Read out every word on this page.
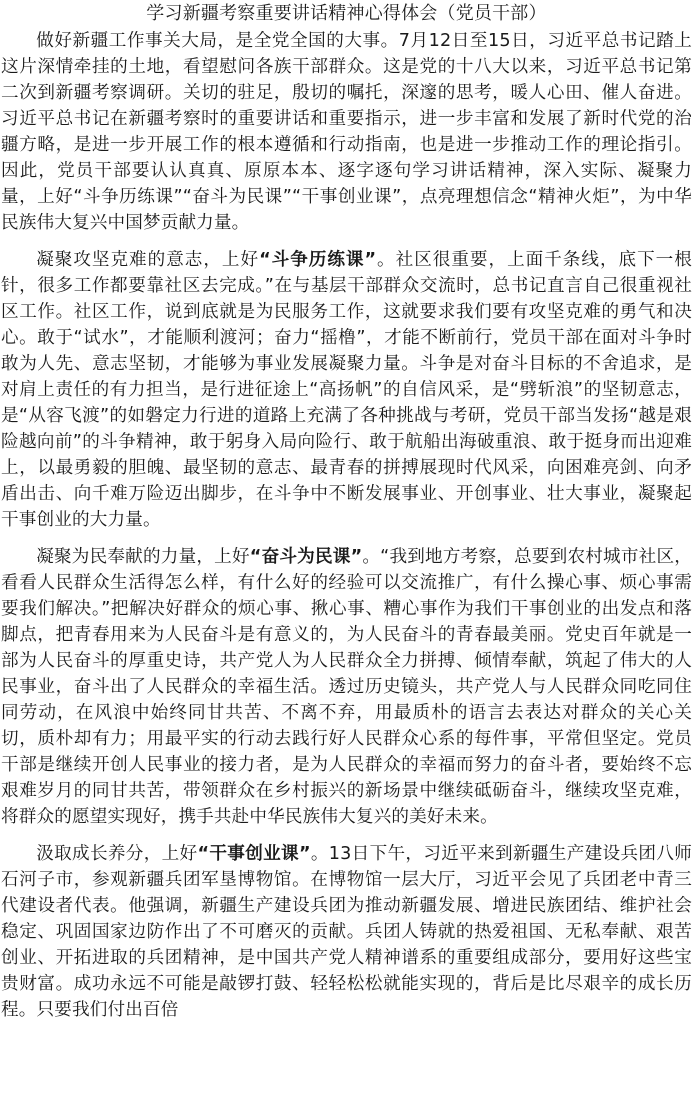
学习新疆考察重要讲话精神心得体会（党员干部）

做好新疆工作事关大局，是全党全国的大事。7月12日至15日，习近平总书记踏上这片深情牵挂的土地，看望慰问各族干部群众。这是党的十八大以来，习近平总书记第二次到新疆考察调研。关切的驻足，殷切的嘱托，深邃的思考，暖人心田、催人奋进。习近平总书记在新疆考察时的重要讲话和重要指示，进一步丰富和发展了新时代党的治疆方略，是进一步开展工作的根本遵循和行动指南，也是进一步推动工作的理论指引。因此，党员干部要认认真真、原原本本、逐字逐句学习讲话精神，深入实际、凝聚力量，上好“斗争历练课”“奋斗为民课”“干事创业课”，点亮理想信念“精神火炬”，为中华民族伟大复兴中国梦贡献力量。

凝聚攻坚克难的意志，上好“斗争历练课”。社区很重要，上面千条线，底下一根针，很多工作都要靠社区去完成。”在与基层干部群众交流时，总书记直言自己很重视社区工作。社区工作，说到底就是为民服务工作，这就要求我们要有攻坚克难的勇气和决心。敢于“试水”，才能顺利渡河；奋力“摇橹”，才能不断前行，党员干部在面对斗争时敢为人先、意志坚韧，才能够为事业发展凝聚力量。斗争是对奋斗目标的不舍追求，是对肩上责任的有力担当，是行进征途上“高扬帆”的自信风采，是“劈斩浪”的坚韧意志，是“从容飞渡”的如磐定力行进的道路上充满了各种挑战与考研，党员干部当发扬“越是艰险越向前”的斗争精神，敢于躬身入局向险行、敢于航船出海破重浪、敢于挺身而出迎难上，以最勇毅的胆魄、最坚韧的意志、最青春的拼搏展现时代风采，向困难亮剑、向矛盾出击、向千难万险迈出脚步，在斗争中不断发展事业、开创事业、壮大事业，凝聚起干事创业的大力量。

凝聚为民奉献的力量，上好“奋斗为民课”。“我到地方考察，总要到农村城市社区，看看人民群众生活得怎么样，有什么好的经验可以交流推广，有什么操心事、烦心事需要我们解决。”把解决好群众的烦心事、揪心事、糟心事作为我们干事创业的出发点和落脚点，把青春用来为人民奋斗是有意义的，为人民奋斗的青春最美丽。党史百年就是一部为人民奋斗的厚重史诗，共产党人为人民群众全力拼搏、倾情奉献，筑起了伟大的人民事业，奋斗出了人民群众的幸福生活。透过历史镜头，共产党人与人民群众同吃同住同劳动，在风浪中始终同甘共苦、不离不弃，用最质朴的语言去表达对群众的关心关切，质朴却有力；用最平实的行动去践行好人民群众心系的每件事，平常但坚定。党员干部是继续开创人民事业的接力者，是为人民群众的幸福而努力的奋斗者，要始终不忘艰难岁月的同甘共苦，带领群众在乡村振兴的新场景中继续砥砺奋斗，继续攻坚克难，将群众的愿望实现好，携手共赴中华民族伟大复兴的美好未来。

汲取成长养分，上好“干事创业课”。13日下午，习近平来到新疆生产建设兵团八师石河子市，参观新疆兵团军垦博物馆。在博物馆一层大厅，习近平会见了兵团老中青三代建设者代表。他强调，新疆生产建设兵团为推动新疆发展、增进民族团结、维护社会稳定、巩固国家边防作出了不可磨灭的贡献。兵团人铸就的热爱祖国、无私奉献、艰苦创业、开拓进取的兵团精神，是中国共产党人精神谱系的重要组成部分，要用好这些宝贵财富。成功永远不可能是敲锣打鼓、轻轻松松就能实现的，背后是比尽艰辛的成长历程。只要我们付出百倍
